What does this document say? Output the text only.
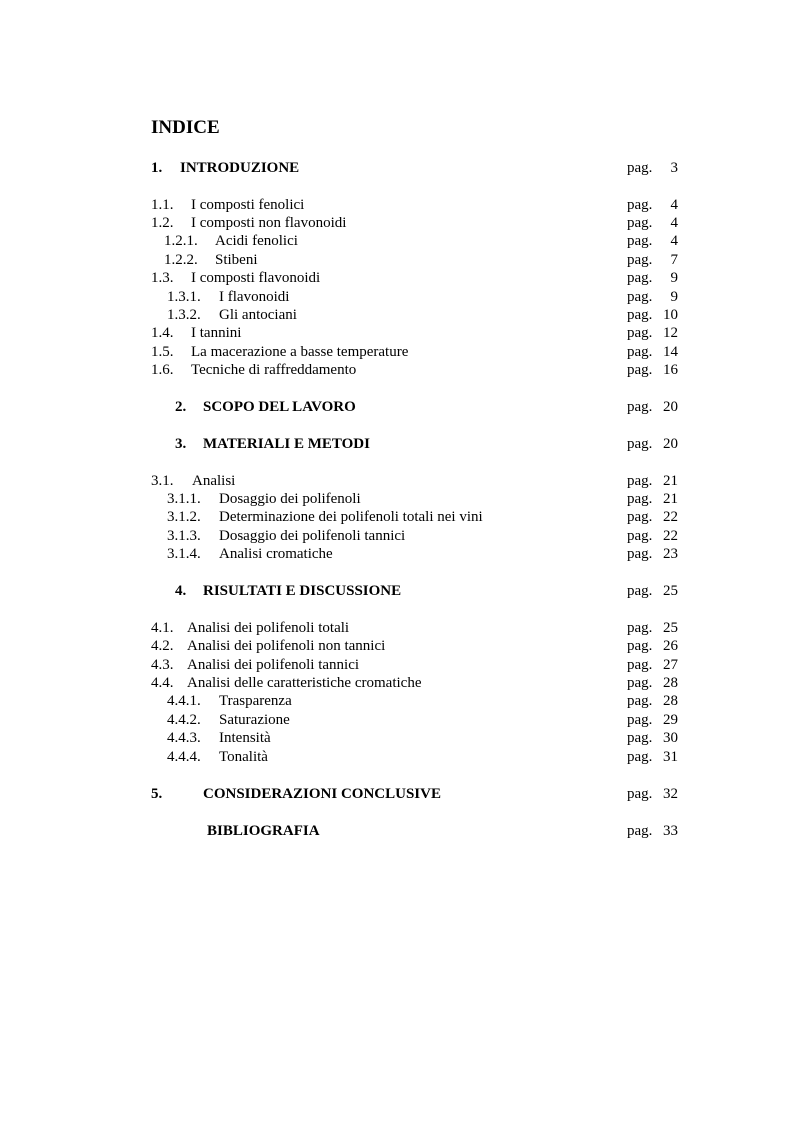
INDICE
1. INTRODUZIONE	pag.	3
1.1. I composti fenolici	pag.	4
1.2. I composti non flavonoidi	pag.	4
1.2.1. Acidi fenolici	pag.	4
1.2.2. Stibeni	pag.	7
1.3. I composti flavonoidi	pag.	9
1.3.1. I flavonoidi	pag.	9
1.3.2. Gli antociani	pag. 10
1.4. I tannini	pag. 12
1.5. La macerazione a basse temperature	pag. 14
1.6. Tecniche di raffreddamento	pag. 16
2. SCOPO DEL LAVORO	pag. 20
3. MATERIALI E METODI	pag. 20
3.1. Analisi	pag. 21
3.1.1. Dosaggio dei polifenoli	pag. 21
3.1.2. Determinazione dei polifenoli totali nei vini	pag. 22
3.1.3. Dosaggio dei polifenoli tannici	pag. 22
3.1.4. Analisi cromatiche	pag. 23
4. RISULTATI E DISCUSSIONE	pag. 25
4.1. Analisi dei polifenoli totali	pag. 25
4.2. Analisi dei polifenoli non tannici	pag. 26
4.3. Analisi dei polifenoli tannici	pag. 27
4.4. Analisi delle caratteristiche cromatiche	pag. 28
4.4.1. Trasparenza	pag. 28
4.4.2. Saturazione	pag. 29
4.4.3. Intensità	pag. 30
4.4.4. Tonalità	pag. 31
5.	CONSIDERAZIONI CONCLUSIVE	pag. 32
BIBLIOGRAFIA	pag. 33
